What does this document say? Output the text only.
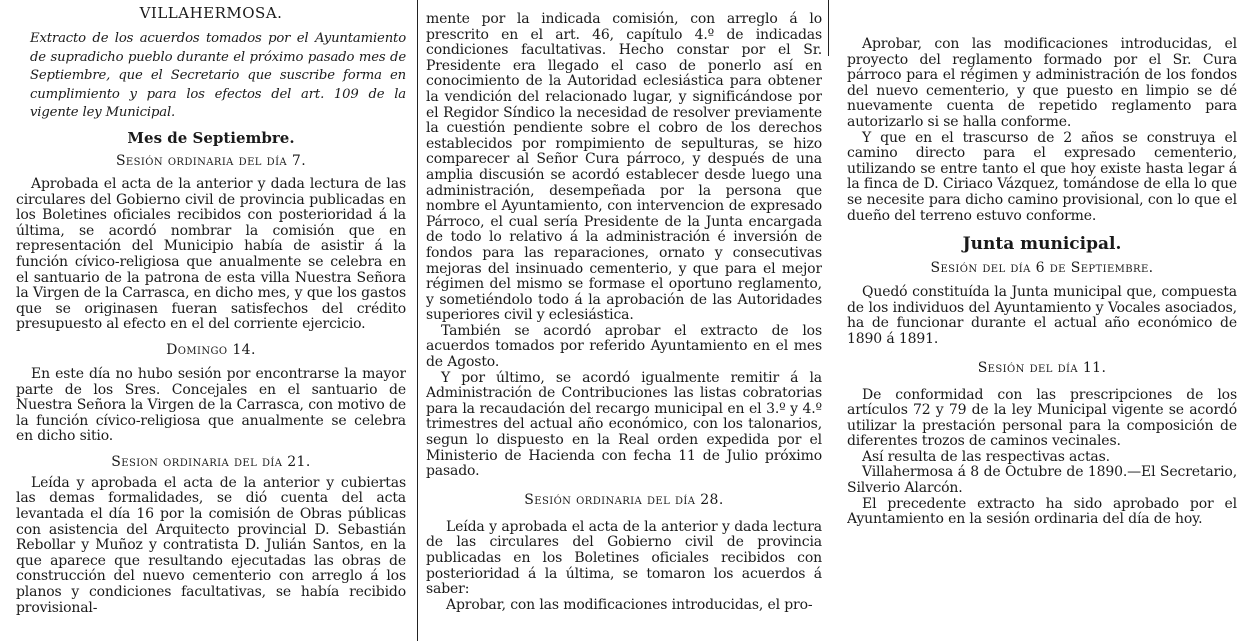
VILLAHERMOSA.

Extracto de los acuerdos tomados por el Ayuntamiento de supradicho pueblo durante el próximo pasado mes de Septiembre, que el Secretario que suscribe forma en cumplimiento y para los efectos del art. 109 de la vigente ley Municipal.

Mes de Septiembre.
Sesión ordinaria del día 7.

Aprobada el acta de la anterior y dada lectura de las circulares del Gobierno civil de provincia publicadas en los Boletines oficiales recibidos con posterioridad á la última, se acordó nombrar la comisión que en representación del Municipio había de asistir á la función cívico-religiosa que anualmente se celebra en el santuario de la patrona de esta villa Nuestra Señora la Virgen de la Carrasca, en dicho mes, y que los gastos que se originasen fueran satisfechos del crédito presupuesto al efecto en el del corriente ejercicio.

Domingo 14.

En este día no hubo sesión por encontrarse la mayor parte de los Sres. Concejales en el santuario de Nuestra Señora la Virgen de la Carrasca, con motivo de la función cívico-religiosa que anualmente se celebra en dicho sitio.

Sesion ordinaria del día 21.

Leída y aprobada el acta de la anterior y cubiertas las demas formalidades, se dió cuenta del acta levantada el día 16 por la comisión de Obras públicas con asistencia del Arquitecto provincial D. Sebastián Rebollar y Muñoz y contratista D. Julián Santos, en la que aparece que resultando ejecutadas las obras de construcción del nuevo cementerio con arreglo á los planos y condiciones facultativas, se había recibido provisional-

mente por la indicada comisión, con arreglo á lo prescrito en el art. 46, capítulo 4.º de indicadas condiciones facultativas. Hecho constar por el Sr. Presidente era llegado el caso de ponerlo así en conocimiento de la Autoridad eclesiástica para obtener la vendición del relacionado lugar, y significándose por el Regidor Síndico la necesidad de resolver previamente la cuestión pendiente sobre el cobro de los derechos establecidos por rompimiento de sepulturas, se hizo comparecer al Señor Cura párroco, y después de una amplia discusión se acordó establecer desde luego una administración, desempeñada por la persona que nombre el Ayuntamiento, con intervencion de expresado Párroco, el cual sería Presidente de la Junta encargada de todo lo relativo á la administración é inversión de fondos para las reparaciones, ornato y consecutivas mejoras del insinuado cementerio, y que para el mejor régimen del mismo se formase el oportuno reglamento, y sometiéndolo todo á la aprobación de las Autoridades superiores civil y eclesiástica.

También se acordó aprobar el extracto de los acuerdos tomados por referido Ayuntamiento en el mes de Agosto.

Y por último, se acordó igualmente remitir á la Administración de Contribuciones las listas cobratorias para la recaudación del recargo municipal en el 3.º y 4.º trimestres del actual año económico, con los talonarios, segun lo dispuesto en la Real orden expedida por el Ministerio de Hacienda con fecha 11 de Julio próximo pasado.

Sesión ordinaria del día 28.

Leída y aprobada el acta de la anterior y dada lectura de las circulares del Gobierno civil de provincia publicadas en los Boletines oficiales recibidos con posterioridad á la última, se tomaron los acuerdos á saber:

Aprobar, con las modificaciones introducidas, el pro-

Aprobar, con las modificaciones introducidas, el proyecto del reglamento formado por el Sr. Cura párroco para el régimen y administración de los fondos del nuevo cementerio, y que puesto en limpio se dé nuevamente cuenta de repetido reglamento para autorizarlo si se halla conforme.

Y que en el trascurso de 2 años se construya el camino directo para el expresado cementerio, utilizando se entre tanto el que hoy existe hasta legar á la finca de D. Ciriaco Vázquez, tomándose de ella lo que se necesite para dicho camino provisional, con lo que el dueño del terreno estuvo conforme.

Junta municipal.
Sesión del día 6 de Septiembre.

Quedó constituída la Junta municipal que, compuesta de los individuos del Ayuntamiento y Vocales asociados, ha de funcionar durante el actual año económico de 1890 á 1891.

Sesión del día 11.

De conformidad con las prescripciones de los artículos 72 y 79 de la ley Municipal vigente se acordó utilizar la prestación personal para la composición de diferentes trozos de caminos vecinales.

Así resulta de las respectivas actas.

Villahermosa á 8 de Octubre de 1890.—El Secretario, Silverio Alarcón.

El precedente extracto ha sido aprobado por el Ayuntamiento en la sesión ordinaria del día de hoy.
